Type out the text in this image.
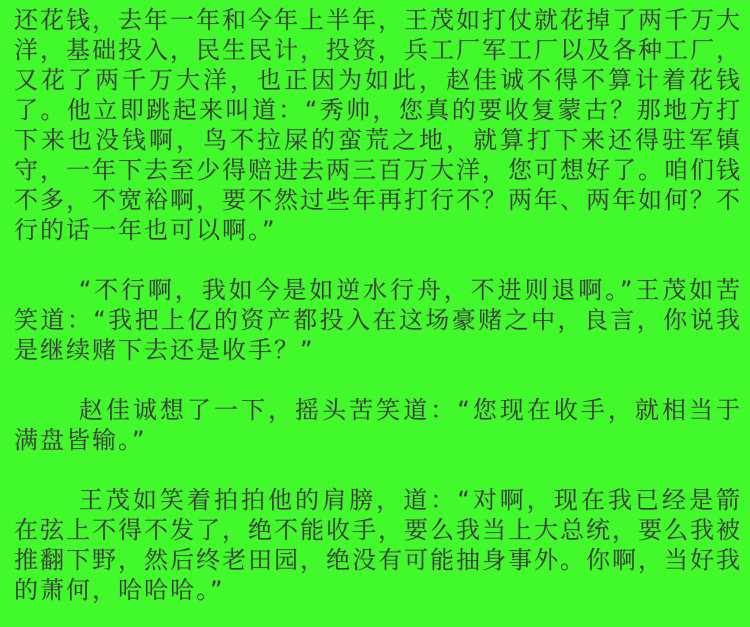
还花钱，去年一年和今年上半年，王茂如打仗就花掉了两千万大洋，基础投入，民生民计，投资，兵工厂军工厂以及各种工厂，又花了两千万大洋，也正因为如此，赵佳诚不得不算计着花钱了。他立即跳起来叫道：“秀帅，您真的要收复蒙古？那地方打下来也没钱啊，鸟不拉屎的蛮荒之地，就算打下来还得驻军镇守，一年下去至少得赔进去两三百万大洋，您可想好了。咱们钱不多，不宽裕啊，要不然过些年再打行不？两年、两年如何？不行的话一年也可以啊。”

“不行啊，我如今是如逆水行舟，不进则退啊。”王茂如苦笑道：“我把上亿的资产都投入在这场豪赌之中，良言，你说我是继续赌下去还是收手？”

赵佳诚想了一下，摇头苦笑道：“您现在收手，就相当于满盘皆输。”

王茂如笑着拍拍他的肩膀，道：“对啊，现在我已经是箭在弦上不得不发了，绝不能收手，要么我当上大总统，要么我被推翻下野，然后终老田园，绝没有可能抽身事外。你啊，当好我的萧何，哈哈哈。”
